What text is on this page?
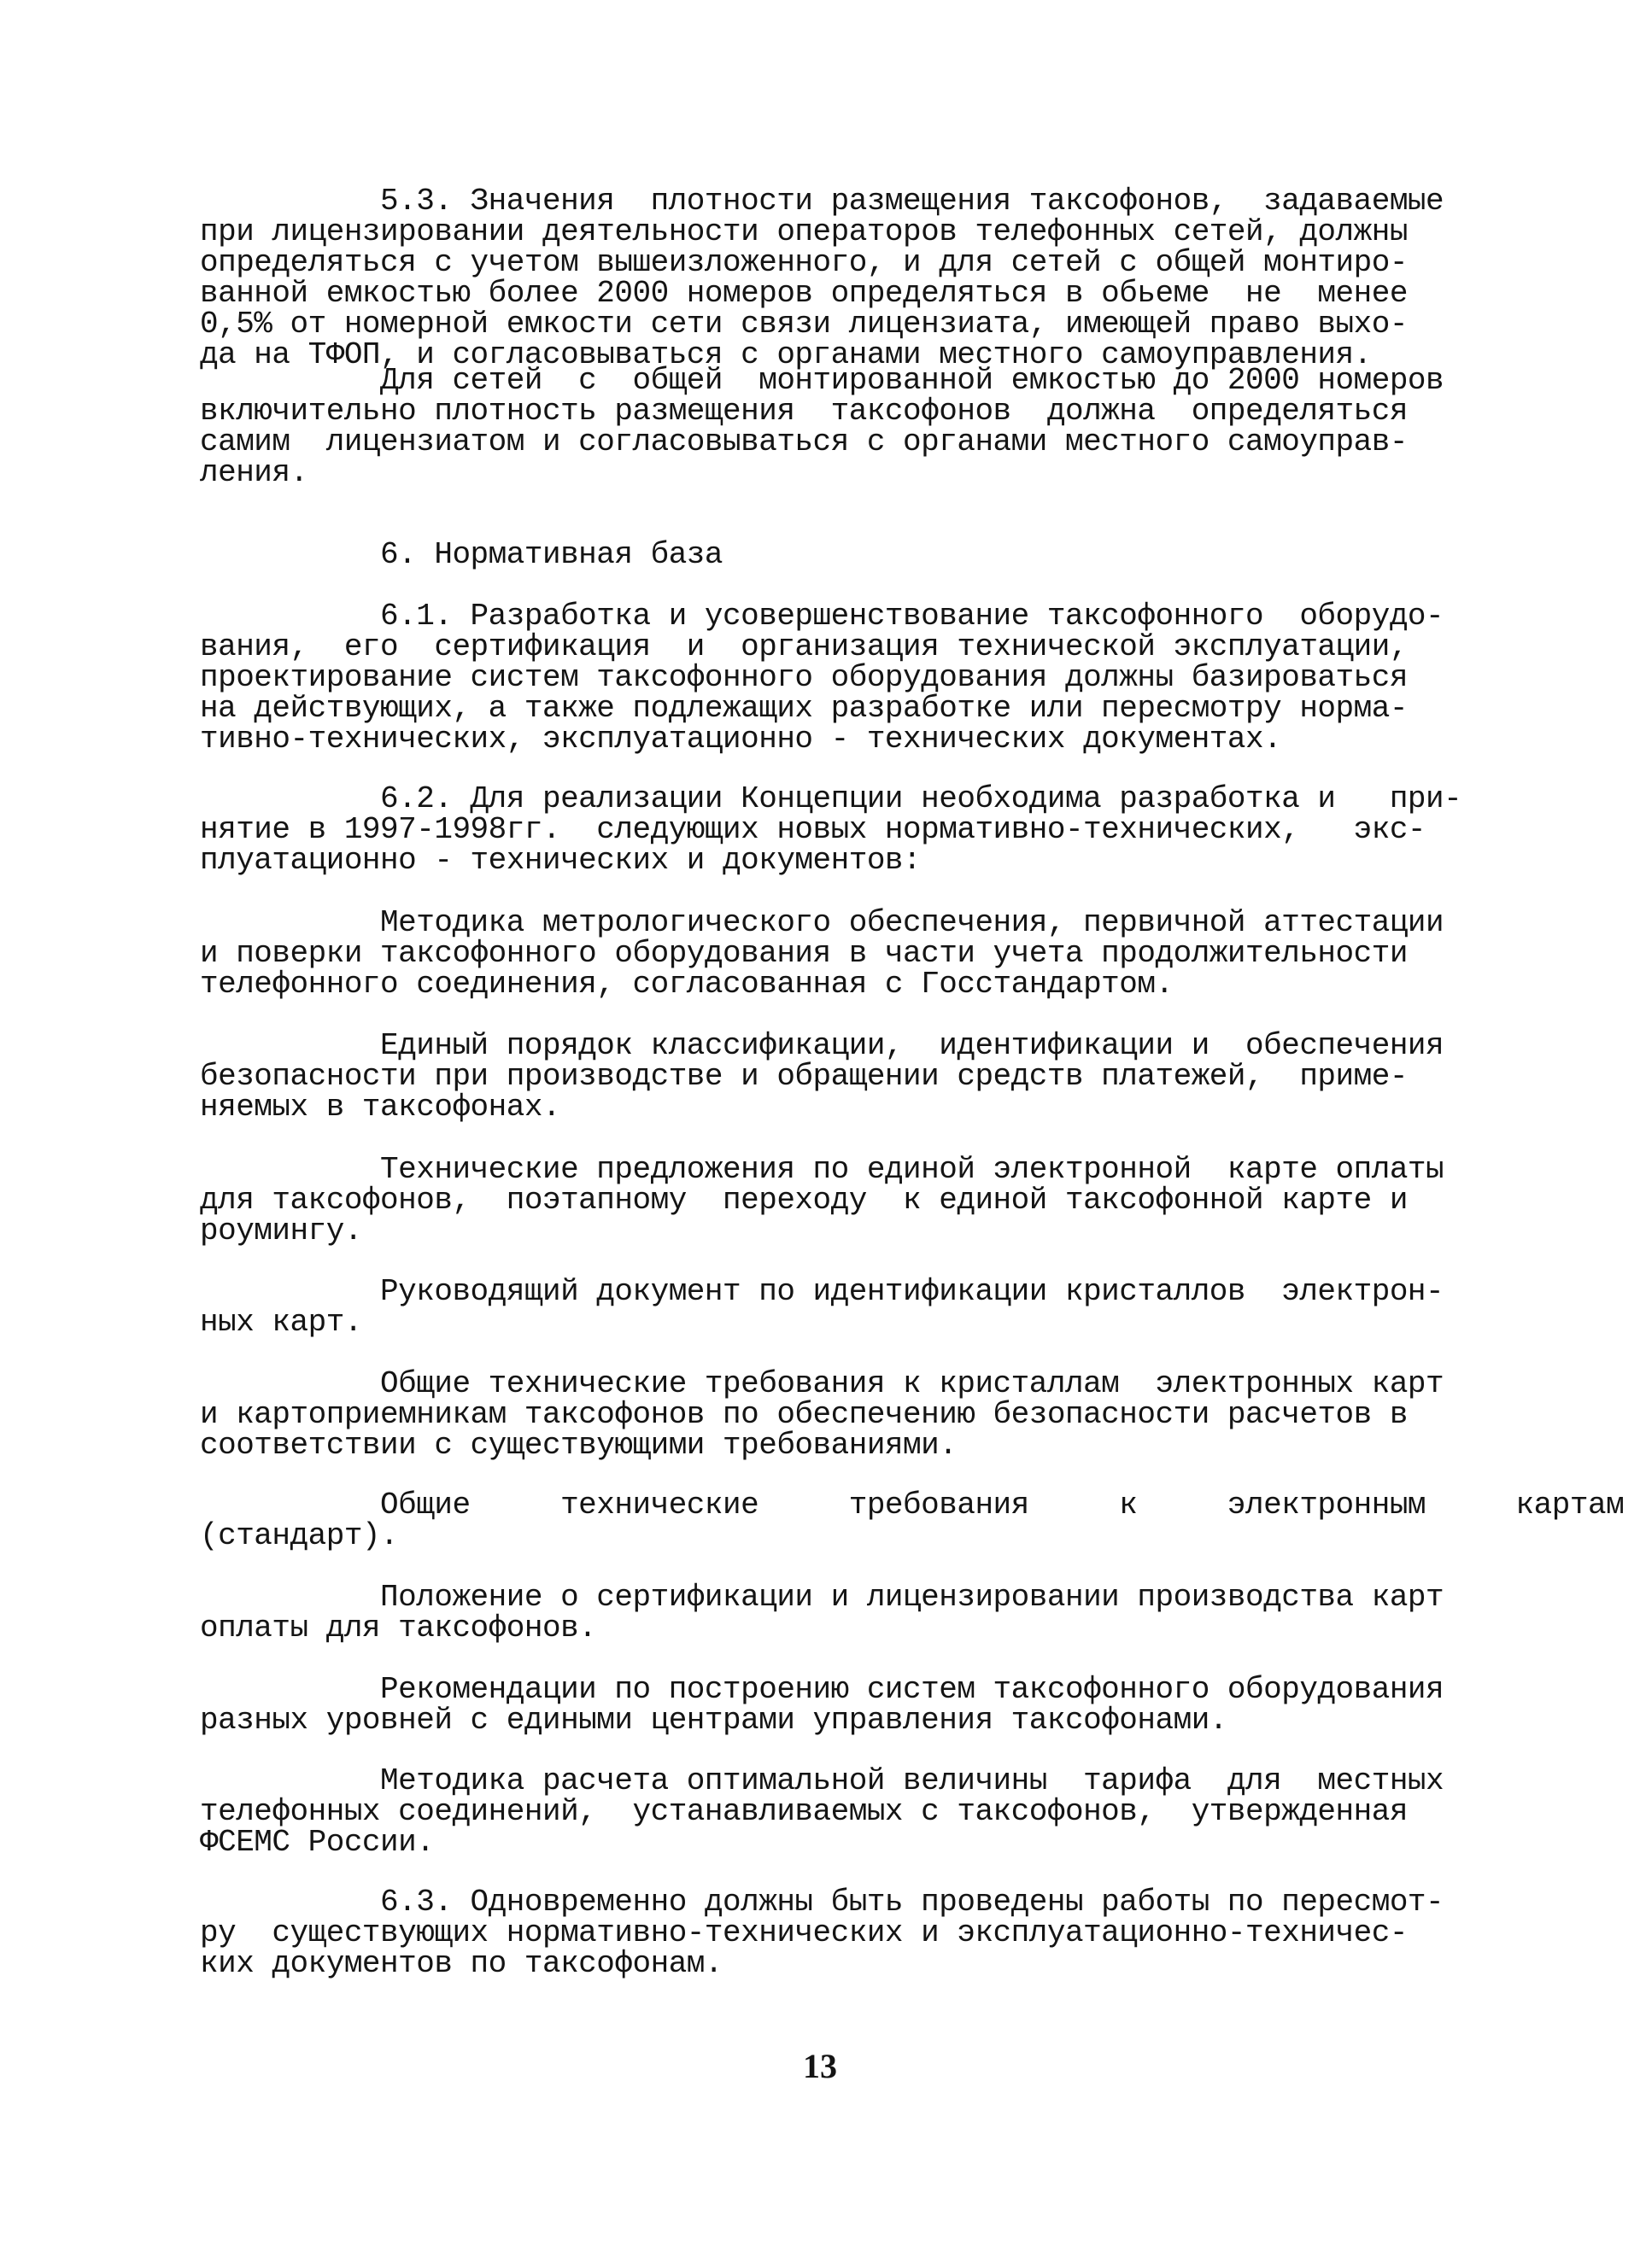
5.3. Значения  плотности размещения таксофонов,  задаваемые
при лицензировании деятельности операторов телефонных сетей, должны
определяться с учетом вышеизложенного, и для сетей с общей монтиро-
ванной емкостью более 2000 номеров определяться в обьеме  не  менее
0,5% от номерной емкости сети связи лицензиата, имеющей право выхо-
да на ТФОП, и согласовываться с органами местного самоуправления.
Для сетей  с  общей  монтированной емкостью до 2000 номеров
включительно плотность размещения  таксофонов  должна  определяться
самим  лицензиатом и согласовываться с органами местного самоуправ-
ления.
6. Нормативная база
6.1. Разработка и усовершенствование таксофонного  оборудо-
вания,  его  сертификация  и  организация технической эксплуатации,
проектирование систем таксофонного оборудования должны базироваться
на действующих, а также подлежащих разработке или пересмотру норма-
тивно-технических, эксплуатационно - технических документах.
6.2. Для реализации Концепции необходима разработка и   при-
нятие в 1997-1998гг.  следующих новых нормативно-технических,   экс-
плуатационно - технических и документов:
Методика метрологического обеспечения, первичной аттестации
и поверки таксофонного оборудования в части учета продолжительности
телефонного соединения, согласованная с Госстандартом.
Единый порядок классификации,  идентификации и  обеспечения
безопасности при производстве и обращении средств платежей,  приме-
няемых в таксофонах.
Технические предложения по единой электронной  карте оплаты
для таксофонов,  поэтапному  переходу  к единой таксофонной карте и
роумингу.
Руководящий документ по идентификации кристаллов  электрон-
ных карт.
Общие технические требования к кристаллам  электронных карт
и картоприемникам таксофонов по обеспечению безопасности расчетов в
соответствии с существующими требованиями.
Общие     технические     требования     к     электронным     картам
(стандарт).
Положение о сертификации и лицензировании производства карт
оплаты для таксофонов.
Рекомендации по построению систем таксофонного оборудования
разных уровней с едиными центрами управления таксофонами.
Методика расчета оптимальной величины  тарифа  для  местных
телефонных соединений,  устанавливаемых с таксофонов,  утвержденная
ФСЕМС России.
6.3. Одновременно должны быть проведены работы по пересмот-
ру  существующих нормативно-технических и эксплуатационно-техничес-
ких документов по таксофонам.
13
